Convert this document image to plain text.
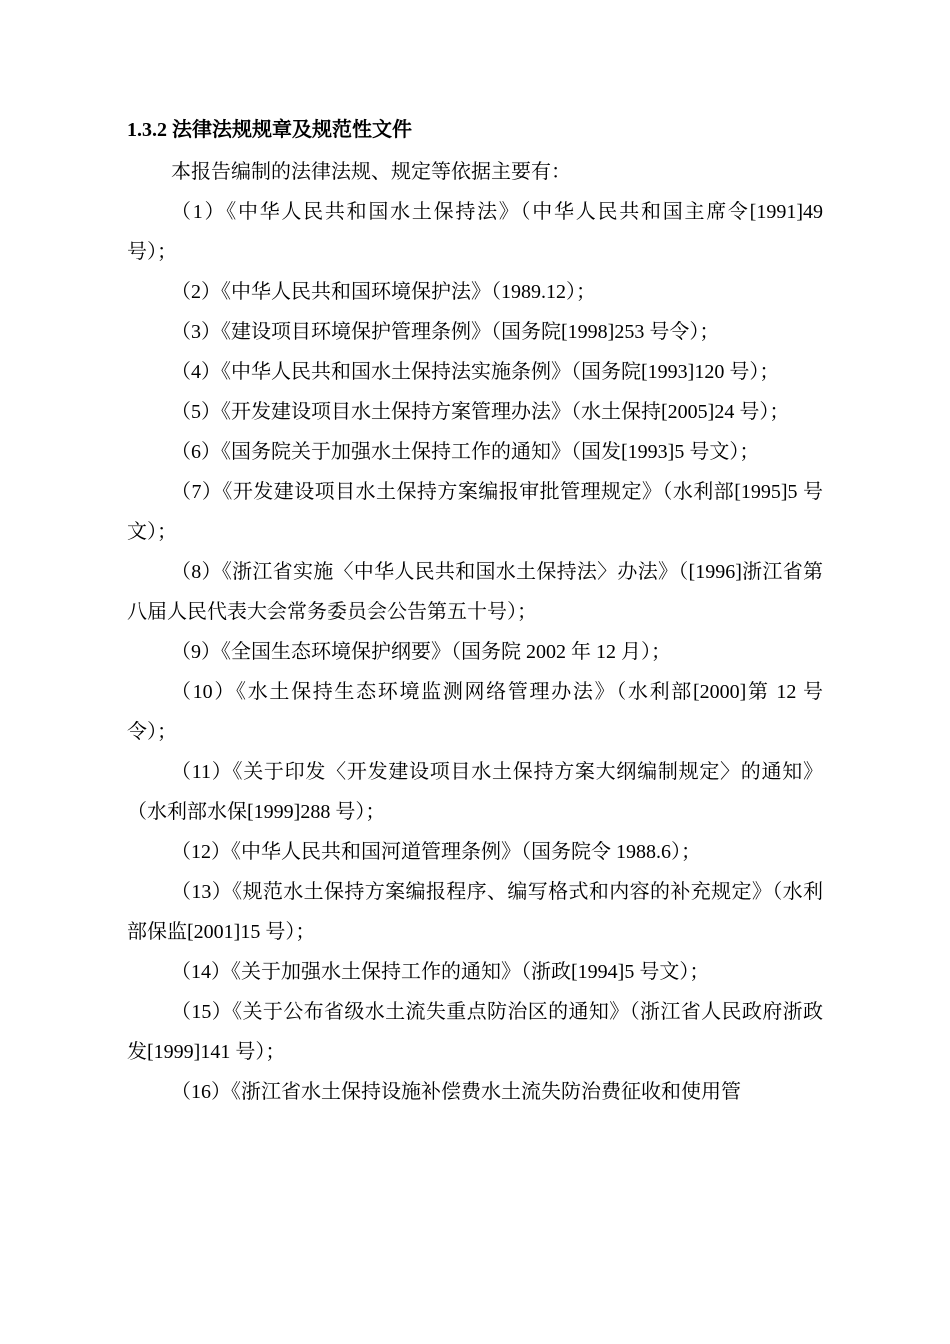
1.3.2 法律法规规章及规范性文件

本报告编制的法律法规、规定等依据主要有：

（1）《中华人民共和国水土保持法》（中华人民共和国主席令[1991]49 号）；

（2）《中华人民共和国环境保护法》（1989.12）；

（3）《建设项目环境保护管理条例》（国务院[1998]253 号令）；

（4）《中华人民共和国水土保持法实施条例》（国务院[1993]120 号）；

（5）《开发建设项目水土保持方案管理办法》（水土保持[2005]24 号）；

（6）《国务院关于加强水土保持工作的通知》（国发[1993]5 号文）；

（7）《开发建设项目水土保持方案编报审批管理规定》（水利部[1995]5 号文）；

（8）《浙江省实施〈中华人民共和国水土保持法〉办法》（[1996]浙江省第八届人民代表大会常务委员会公告第五十号）；

（9）《全国生态环境保护纲要》（国务院 2002 年 12 月）；

（10）《水土保持生态环境监测网络管理办法》（水利部[2000]第 12 号令）；

（11）《关于印发〈开发建设项目水土保持方案大纲编制规定〉的通知》（水利部水保[1999]288 号）；

（12）《中华人民共和国河道管理条例》（国务院令 1988.6）；

（13）《规范水土保持方案编报程序、编写格式和内容的补充规定》（水利部保监[2001]15 号）；

（14）《关于加强水土保持工作的通知》（浙政[1994]5 号文）；

（15）《关于公布省级水土流失重点防治区的通知》（浙江省人民政府浙政发[1999]141 号）；

（16）《浙江省水土保持设施补偿费水土流失防治费征收和使用管
